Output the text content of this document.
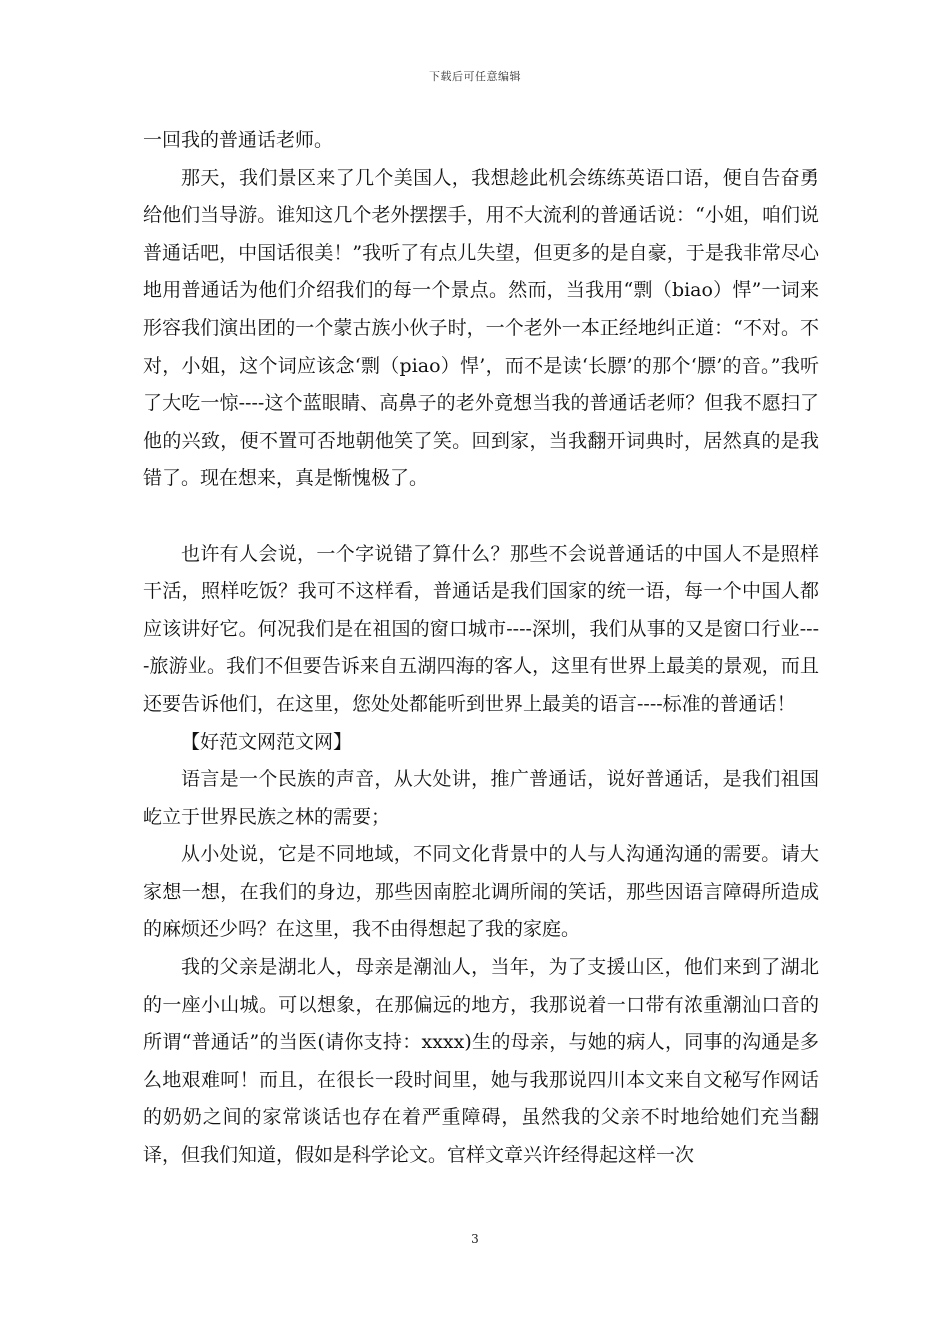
下载后可任意编辑

一回我的普通话老师。

那天，我们景区来了几个美国人，我想趁此机会练练英语口语，便自告奋勇给他们当导游。谁知这几个老外摆摆手，用不大流利的普通话说：“小姐，咱们说普通话吧，中国话很美！”我听了有点儿失望，但更多的是自豪，于是我非常尽心地用普通话为他们介绍我们的每一个景点。然而，当我用“剽（biao）悍”一词来形容我们演出团的一个蒙古族小伙子时，一个老外一本正经地纠正道：“不对。不对，小姐，这个词应该念‘剽（piao）悍’，而不是读‘长膘’的那个‘膘’的音。”我听了大吃一惊----这个蓝眼睛、高鼻子的老外竟想当我的普通话老师？但我不愿扫了他的兴致，便不置可否地朝他笑了笑。回到家，当我翻开词典时，居然真的是我错了。现在想来，真是惭愧极了。

也许有人会说，一个字说错了算什么？那些不会说普通话的中国人不是照样干活，照样吃饭？我可不这样看，普通话是我们国家的统一语，每一个中国人都应该讲好它。何况我们是在祖国的窗口城市----深圳，我们从事的又是窗口行业----旅游业。我们不但要告诉来自五湖四海的客人，这里有世界上最美的景观，而且还要告诉他们，在这里，您处处都能听到世界上最美的语言----标准的普通话！

【好范文网范文网】

语言是一个民族的声音，从大处讲，推广普通话，说好普通话，是我们祖国屹立于世界民族之林的需要；

从小处说，它是不同地域，不同文化背景中的人与人沟通沟通的需要。请大家想一想，在我们的身边，那些因南腔北调所闹的笑话，那些因语言障碍所造成的麻烦还少吗？在这里，我不由得想起了我的家庭。

我的父亲是湖北人，母亲是潮汕人，当年，为了支援山区，他们来到了湖北的一座小山城。可以想象，在那偏远的地方，我那说着一口带有浓重潮汕口音的所谓“普通话”的当医(请你支持：xxxx)生的母亲，与她的病人，同事的沟通是多么地艰难呵！而且，在很长一段时间里，她与我那说四川本文来自文秘写作网话的奶奶之间的家常谈话也存在着严重障碍，虽然我的父亲不时地给她们充当翻译，但我们知道，假如是科学论文。官样文章兴许经得起这样一次

3
